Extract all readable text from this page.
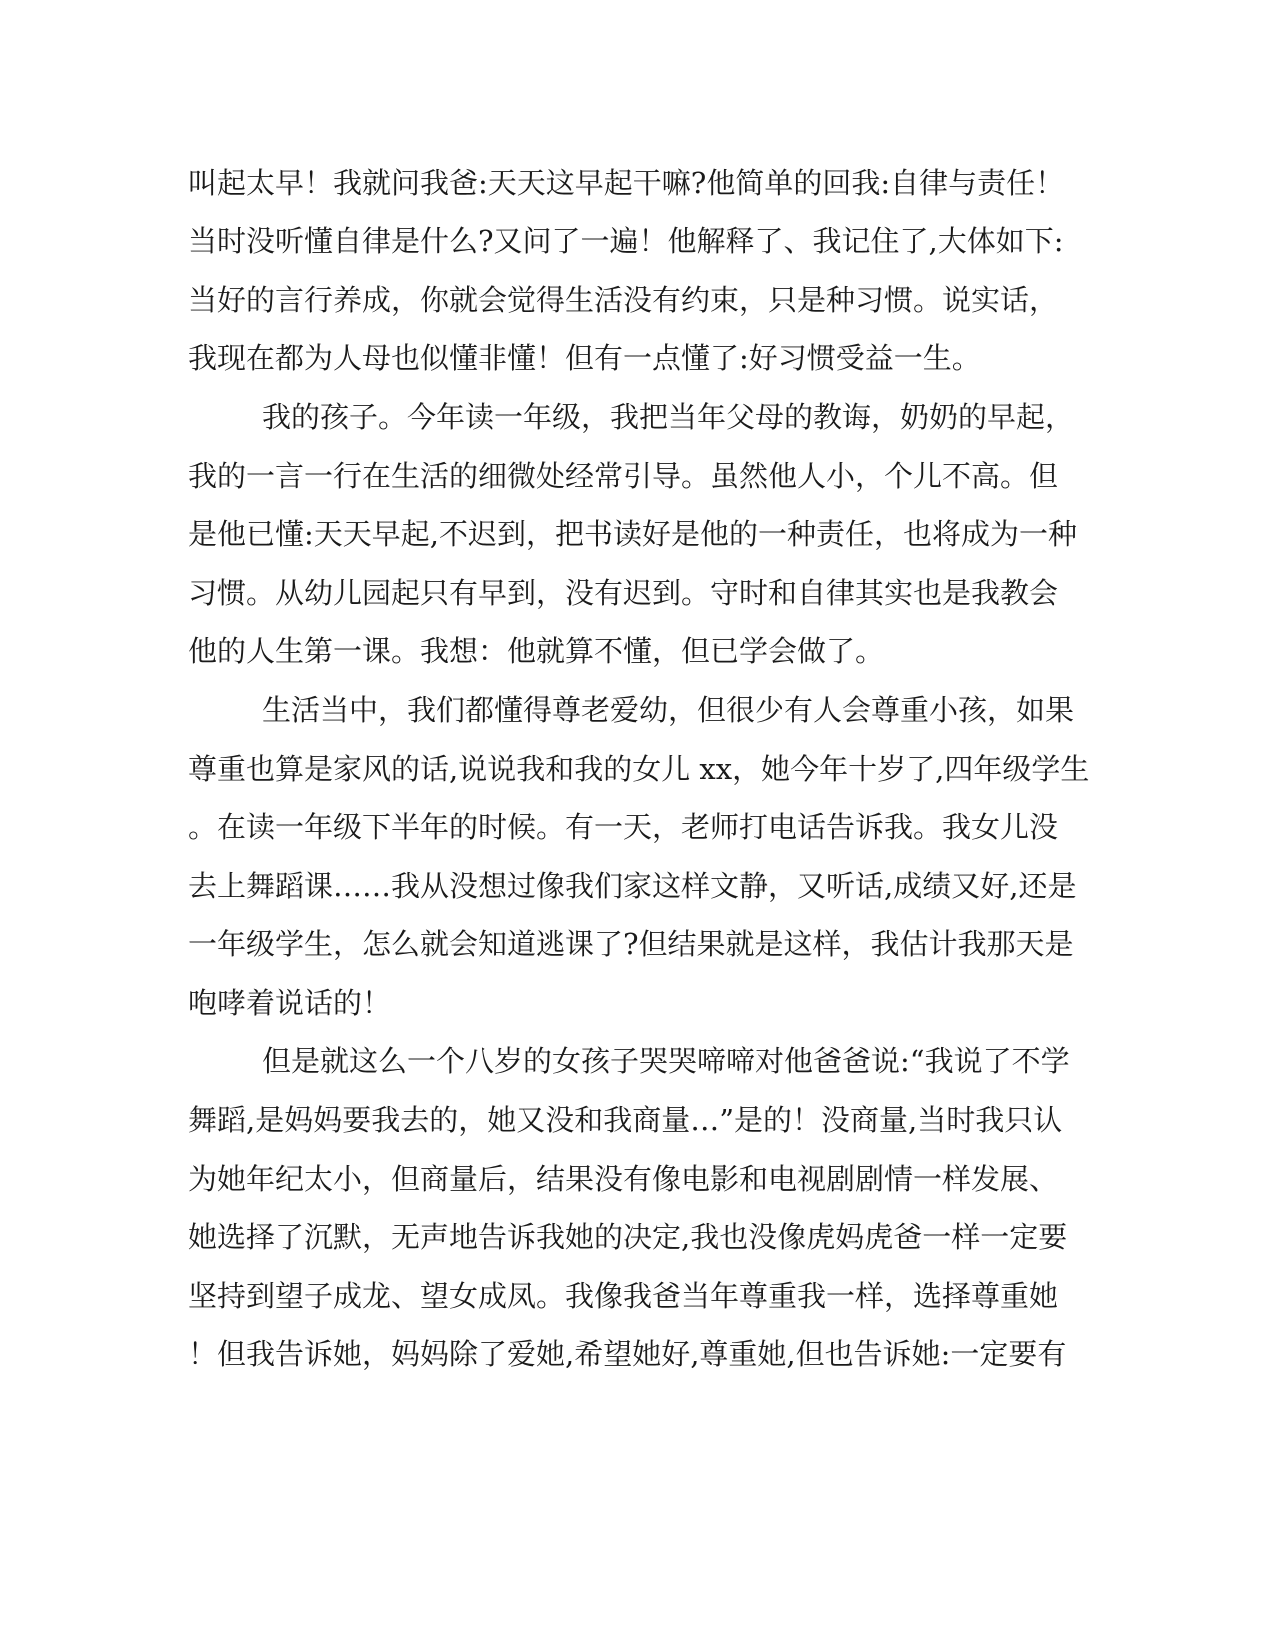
叫起太早！我就问我爸:天天这早起干嘛?他简单的回我:自律与责任！
当时没听懂自律是什么?又问了一遍！他解释了、我记住了,大体如下:
当好的言行养成，你就会觉得生活没有约束，只是种习惯。说实话，
我现在都为人母也似懂非懂！但有一点懂了:好习惯受益一生。
我的孩子。今年读一年级，我把当年父母的教诲，奶奶的早起，
我的一言一行在生活的细微处经常引导。虽然他人小，个儿不高。但
是他已懂:天天早起,不迟到，把书读好是他的一种责任，也将成为一种
习惯。从幼儿园起只有早到，没有迟到。守时和自律其实也是我教会
他的人生第一课。我想：他就算不懂，但已学会做了。
生活当中，我们都懂得尊老爱幼，但很少有人会尊重小孩，如果
尊重也算是家风的话,说说我和我的女儿 xx，她今年十岁了,四年级学生
。在读一年级下半年的时候。有一天，老师打电话告诉我。我女儿没
去上舞蹈课……我从没想过像我们家这样文静，又听话,成绩又好,还是
一年级学生，怎么就会知道逃课了?但结果就是这样，我估计我那天是
咆哮着说话的！
但是就这么一个八岁的女孩子哭哭啼啼对他爸爸说:“我说了不学
舞蹈,是妈妈要我去的，她又没和我商量…”是的！没商量,当时我只认
为她年纪太小，但商量后，结果没有像电影和电视剧剧情一样发展、
她选择了沉默，无声地告诉我她的决定,我也没像虎妈虎爸一样一定要
坚持到望子成龙、望女成凤。我像我爸当年尊重我一样，选择尊重她
！但我告诉她，妈妈除了爱她,希望她好,尊重她,但也告诉她:一定要有
